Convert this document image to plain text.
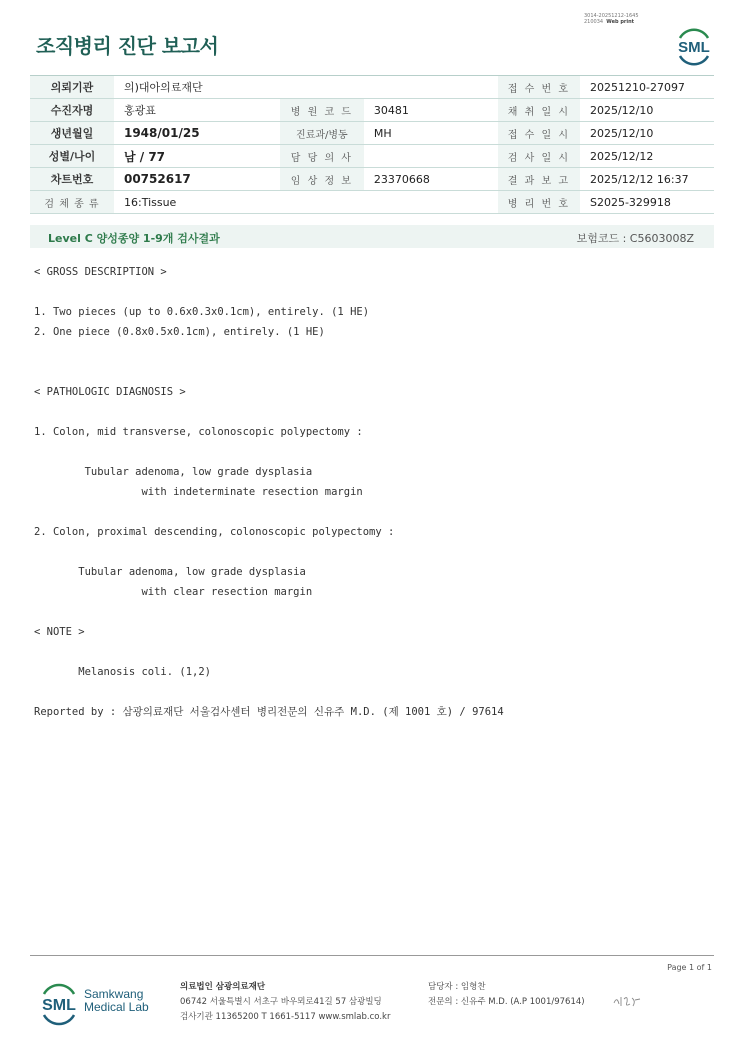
3014-20251212-1645
210034 Web print
조직병리 진단 보고서	SML
의뢰기관	의)대아의료재단			접 수 번 호	20251210-27097
수진자명	홍광표	병 원 코 드	30481	채 취 일 시	2025/12/10
생년월일	1948/01/25	진료과/병동	MH	접 수 일 시	2025/12/10
성별/나이	남 / 77	담 당 의 사		검 사 일 시	2025/12/12
차트번호	00752617	임 상 정 보	23370668	결 과 보 고	2025/12/12 16:37
검 체 종 류	16:Tissue			병 리 번 호	S2025-329918
Level C 양성종양 1-9개 검사결과	보험코드 : C5603008Z
< GROSS DESCRIPTION >
1. Two pieces (up to 0.6x0.3x0.1cm), entirely. (1 HE)
2. One piece (0.8x0.5x0.1cm), entirely. (1 HE)
< PATHOLOGIC DIAGNOSIS >
1. Colon, mid transverse, colonoscopic polypectomy :
Tubular adenoma, low grade dysplasia
with indeterminate resection margin
2. Colon, proximal descending, colonoscopic polypectomy :
Tubular adenoma, low grade dysplasia
with clear resection margin
< NOTE >
Melanosis coli. (1,2)
Reported by : 삼광의료재단 서울검사센터 병리전문의 신유주 M.D. (제 1001 호) / 97614
Page 1 of 1
SML
Samkwang
Medical Lab
의료법인 삼광의료재단
06742 서울특별시 서초구 바우뫼로41길 57 삼광빌딩
검사기관 11365200 T 1661-5117 www.smlab.co.kr
담당자 : 임형찬
전문의 : 신유주 M.D. (A.P 1001/97614)
